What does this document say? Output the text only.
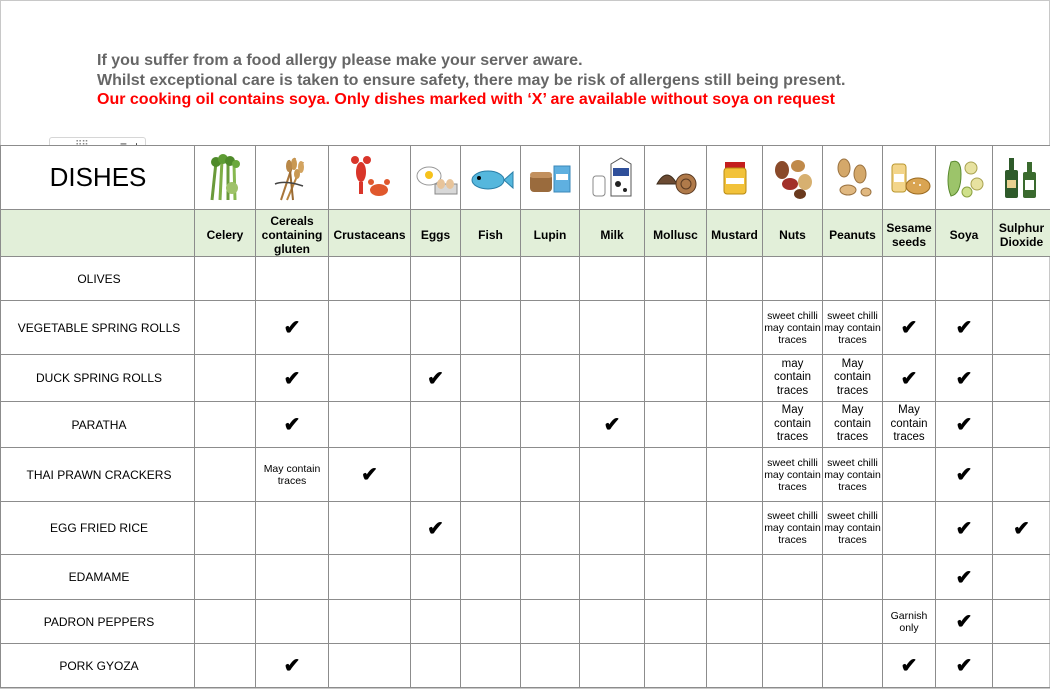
If you suffer from a food allergy please make your server aware.

Whilst exceptional care is taken to ensure safety, there may be risk of allergens still being present.

Our cooking oil contains soya. Only dishes marked with ‘X’ are available without soya on request

DISHES	

	Celery	Cereals containing gluten	Crustaceans	Eggs	Fish	Lupin	Milk	Mollusc	Mustard	Nuts	Peanuts	Sesame seeds	Soya	Sulphur Dioxide
OLIVES														
VEGETABLE SPRING ROLLS		✔								sweet chilli may contain traces	sweet chilli may contain traces	✔	✔	
DUCK SPRING ROLLS		✔		✔						may contain traces	May contain traces	✔	✔	
PARATHA		✔					✔			May contain traces	May contain traces	May contain traces	✔	
THAI PRAWN CRACKERS		May contain traces	✔							sweet chilli may contain traces	sweet chilli may contain traces		✔	
EGG FRIED RICE				✔						sweet chilli may contain traces	sweet chilli may contain traces		✔	✔
EDAMAME													✔	
PADRON PEPPERS												Garnish only	✔	
PORK GYOZA		✔										✔	✔	
